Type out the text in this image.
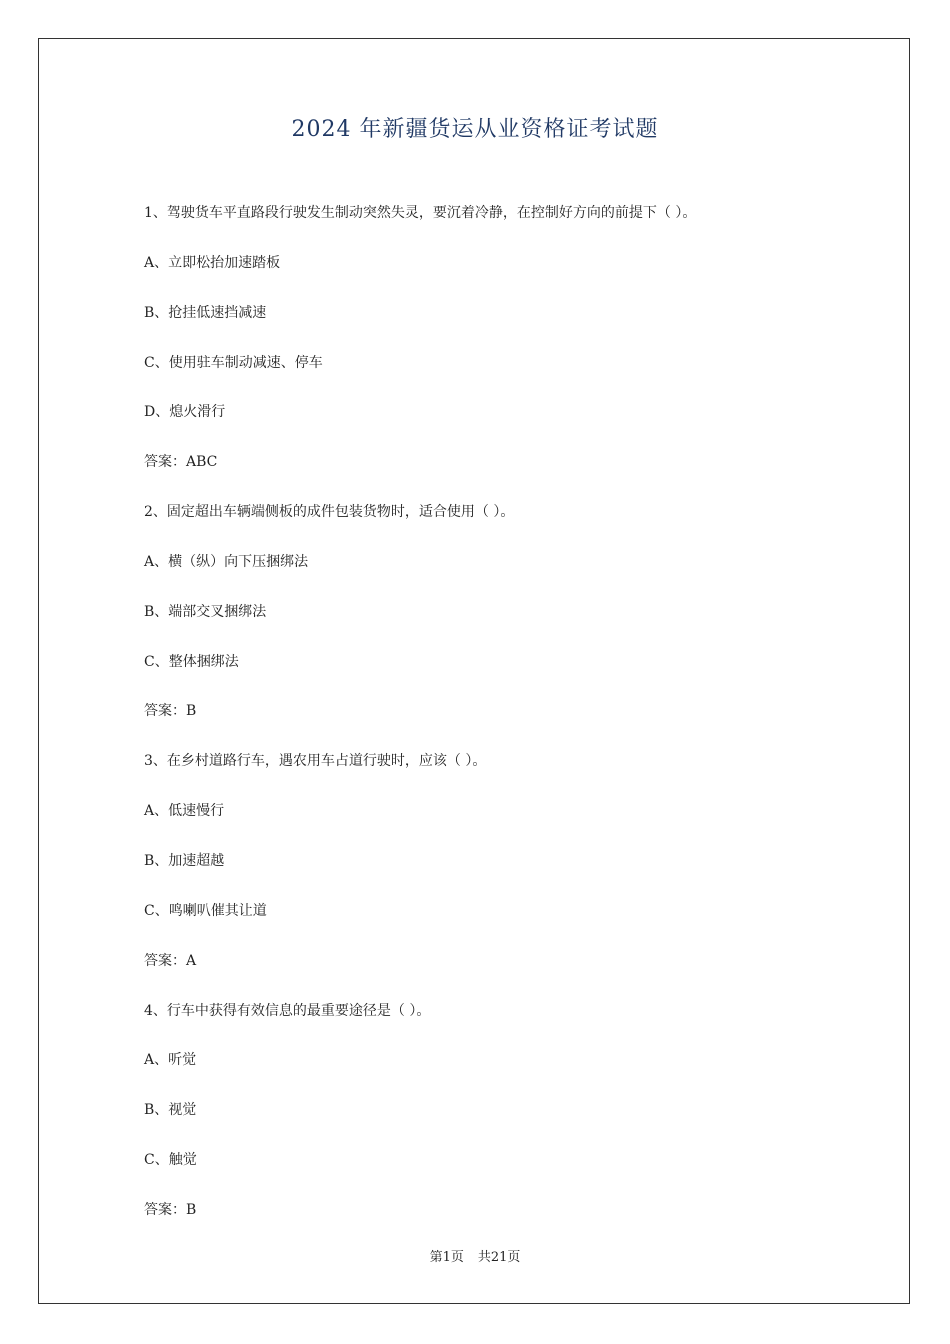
2024 年新疆货运从业资格证考试题
1、驾驶货车平直路段行驶发生制动突然失灵，要沉着冷静，在控制好方向的前提下（ ）。
A、立即松抬加速踏板
B、抢挂低速挡减速
C、使用驻车制动减速、停车
D、熄火滑行
答案：ABC
2、固定超出车辆端侧板的成件包装货物时，适合使用（ ）。
A、横（纵）向下压捆绑法
B、端部交叉捆绑法
C、整体捆绑法
答案：B
3、在乡村道路行车，遇农用车占道行驶时，应该（ ）。
A、低速慢行
B、加速超越
C、鸣喇叭催其让道
答案：A
4、行车中获得有效信息的最重要途径是（ ）。
A、听觉
B、视觉
C、触觉
答案：B
第1页 共21页
